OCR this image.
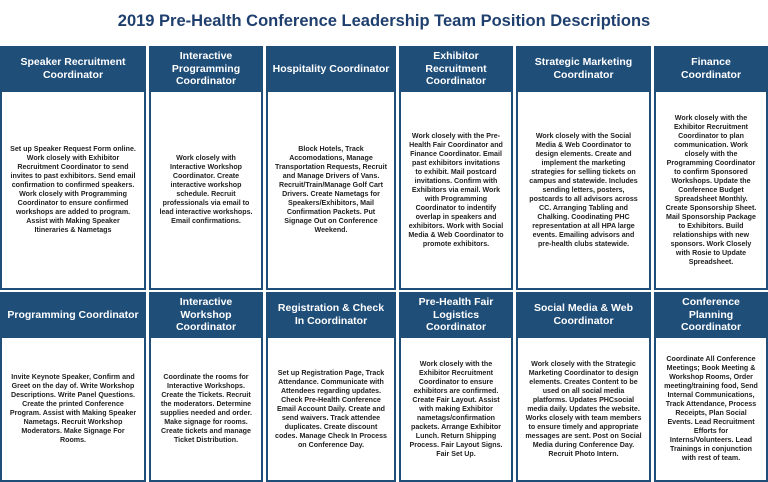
2019 Pre-Health Conference Leadership Team Position Descriptions
Speaker Recruitment Coordinator
Interactive Programming Coordinator
Hospitality Coordinator
Exhibitor Recruitment Coordinator
Strategic Marketing Coordinator
Finance Coordinator
Set up Speaker Request Form online. Work closely with Exhibitor Recruitment Coordinator to send invites to past exhibitors. Send email confirmation to confirmed speakers. Work closely with Programming Coordinator to ensure confirmed workshops are added to program. Assist with Making Speaker Itineraries & Nametags
Work closely with Interactive Workshop Coordinator. Create interactive workshop schedule. Recruit professionals via email to lead interactive workshops. Email confirmations.
Block Hotels, Track Accomodations, Manage Transportation Requests, Recruit and Manage Drivers of Vans. Recruit/Train/Manage Golf Cart Drivers. Create Nametags for Speakers/Exhibitors, Mail Confirmation Packets. Put Signage Out on Conference Weekend.
Work closely with the Pre-Health Fair Coordinator and Finance Coordinator. Email past exhibitors invitations to exhibit. Mail postcard invitations. Confirm with Exhibitors via email. Work with Programming Coordinator to indentify overlap in speakers and exhibitors. Work with Social Media & Web Coordinator to promote exhibitors.
Work closely with the Social Media & Web Coordinator to design elements. Create and implement the marketing strategies for selling tickets on campus and statewide. Includes sending letters, posters, postcards to all advisors across CC. Arranging Tabling and Chalking. Coodinating PHC representation at all HPA large events. Emailing advisors and pre-health clubs statewide.
Work closely with the Exhibitor Recruitment Coordinator to plan communication. Work closely with the Programming Coordinator to confirm Sponsored Workshops. Update the Conference Budget Spreadsheet Monthly. Create Sponsorship Sheet. Mail Sponsorship Package to Exhibitors. Build relationships with new sponsors. Work Closely with Rosie to Update Spreadsheet.
Programming Coordinator
Interactive Workshop Coordinator
Registration & Check In Coordinator
Pre-Health Fair Logistics Coordinator
Social Media & Web Coordinator
Conference Planning Coordinator
Invite Keynote Speaker, Confirm and Greet on the day of. Write Workshop Descriptions. Write Panel Questions. Create the printed Conference Program. Assist with Making Speaker Nametags. Recruit Workshop Moderators. Make Signage For Rooms.
Coordinate the rooms for Interactive Workshops. Create the Tickets. Recruit the moderators. Determine supplies needed and order. Make signage for rooms. Create tickets and manage Ticket Distribution.
Set up Registration Page, Track Attendance. Communicate with Attendees regarding updates. Check Pre-Health Conference Email Account Daily. Create and send waivers. Track attendee duplicates. Create discount codes. Manage Check In Process on Conference Day.
Work closely with the Exhibitor Recruitment Coordinator to ensure exhibitors are confirmed. Create Fair Layout. Assist with making Exhibitor nametags/confirmation packets. Arrange Exhibitor Lunch. Return Shipping Process. Fair Layout Signs. Fair Set Up.
Work closely with the Strategic Marketing Coordinator to design elements. Creates Content to be used on all social media platforms. Updates PHCsocial media daily. Updates the website. Works closely with team members to ensure timely and appropriate messages are sent. Post on Social Media during Conference Day. Recruit Photo Intern.
Coordinate All Conference Meetings; Book Meeting & Workshop Rooms, Order meeting/training food, Send Internal Communications, Track Attendance, Process Receipts, Plan Social Events. Lead Recruitment Efforts for Interns/Volunteers. Lead Trainings in conjunction with rest of team.
